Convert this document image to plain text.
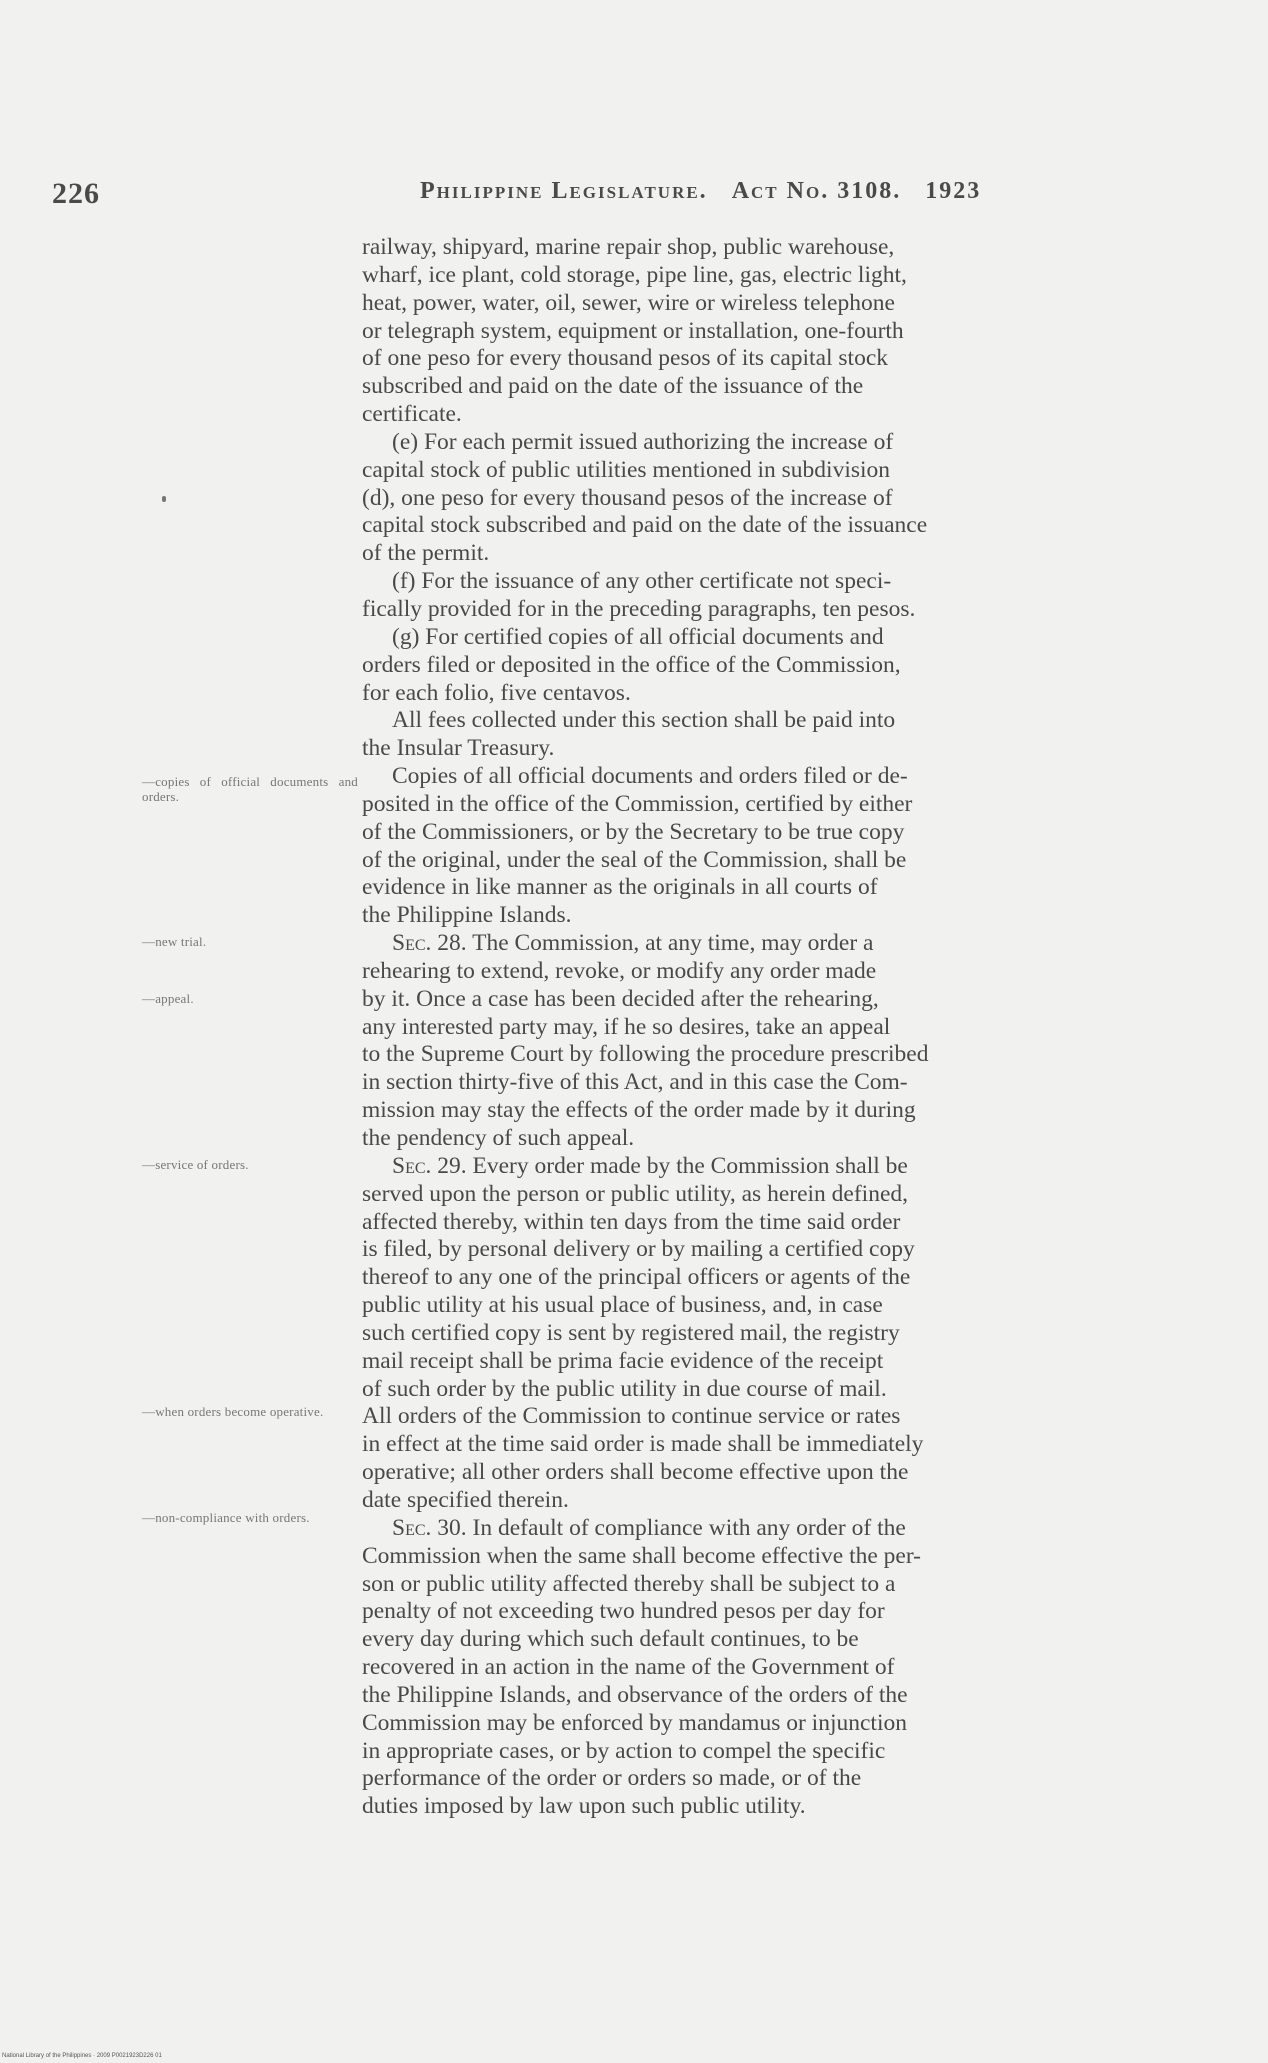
226	Philippine Legislature. Act No. 3108. 1923

railway, shipyard, marine repair shop, public warehouse,
wharf, ice plant, cold storage, pipe line, gas, electric light,
heat, power, water, oil, sewer, wire or wireless telephone
or telegraph system, equipment or installation, one-fourth
of one peso for every thousand pesos of its capital stock
subscribed and paid on the date of the issuance of the
certificate.

(e) For each permit issued authorizing the increase of
capital stock of public utilities mentioned in subdivision
(d), one peso for every thousand pesos of the increase of
capital stock subscribed and paid on the date of the issuance
of the permit.

(f) For the issuance of any other certificate not speci-
fically provided for in the preceding paragraphs, ten pesos.

(g) For certified copies of all official documents and
orders filed or deposited in the office of the Commission,
for each folio, five centavos.

All fees collected under this section shall be paid into
the Insular Treasury.

Copies of all official documents and orders filed or de-
posited in the office of the Commission, certified by either
of the Commissioners, or by the Secretary to be true copy
of the original, under the seal of the Commission, shall be
evidence in like manner as the originals in all courts of
the Philippine Islands.

Sec. 28. The Commission, at any time, may order a
rehearing to extend, revoke, or modify any order made
by it. Once a case has been decided after the rehearing,
any interested party may, if he so desires, take an appeal
to the Supreme Court by following the procedure prescribed
in section thirty-five of this Act, and in this case the Com-
mission may stay the effects of the order made by it during
the pendency of such appeal.

Sec. 29. Every order made by the Commission shall be
served upon the person or public utility, as herein defined,
affected thereby, within ten days from the time said order
is filed, by personal delivery or by mailing a certified copy
thereof to any one of the principal officers or agents of the
public utility at his usual place of business, and, in case
such certified copy is sent by registered mail, the registry
mail receipt shall be prima facie evidence of the receipt
of such order by the public utility in due course of mail.

All orders of the Commission to continue service or rates
in effect at the time said order is made shall be immediately
operative; all other orders shall become effective upon the
date specified therein.

Sec. 30. In default of compliance with any order of the
Commission when the same shall become effective the per-
son or public utility affected thereby shall be subject to a
penalty of not exceeding two hundred pesos per day for
every day during which such default continues, to be
recovered in an action in the name of the Government of
the Philippine Islands, and observance of the orders of the
Commission may be enforced by mandamus or injunction
in appropriate cases, or by action to compel the specific
performance of the order or orders so made, or of the
duties imposed by law upon such public utility.

—copies of official documents and orders.
—new trial.
—appeal.
—service of orders.
—when orders become operative.
—non-compliance with orders.
National Library of the Philippines · 2009 P0021923D226 01
